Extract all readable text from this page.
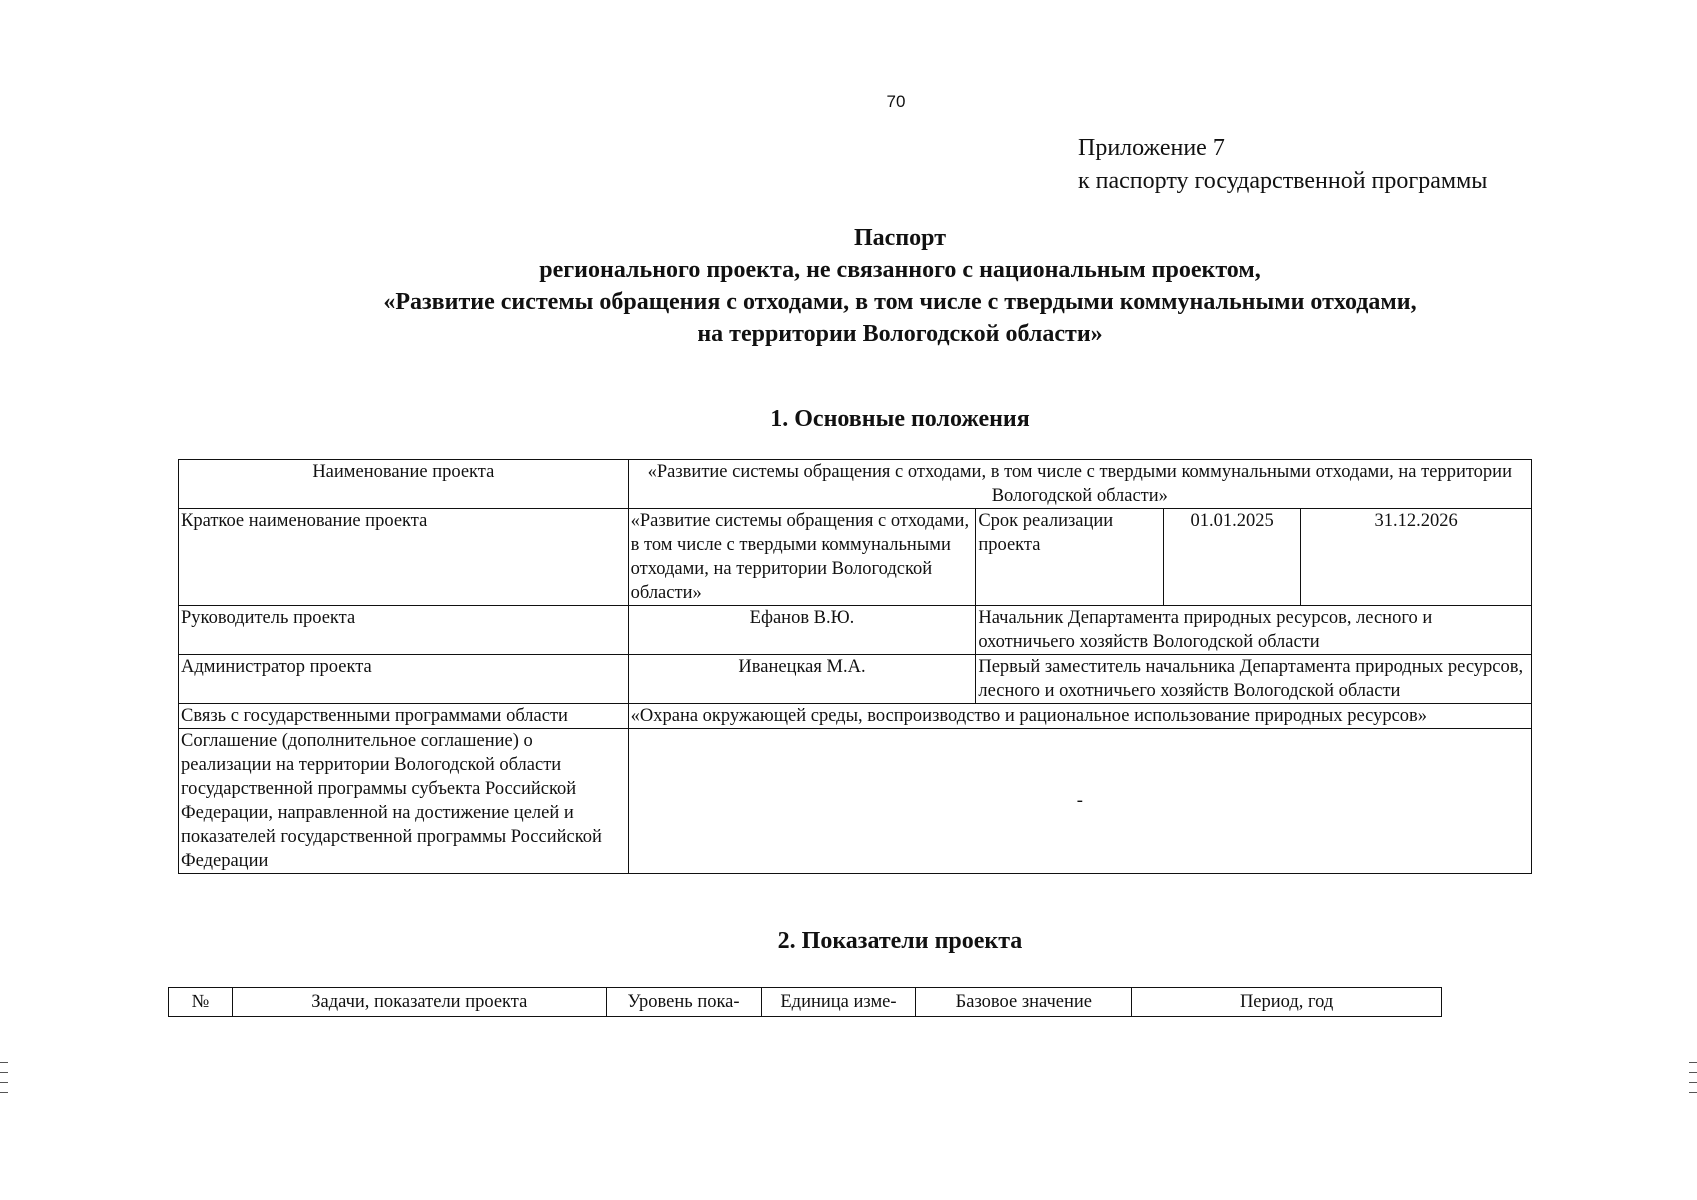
70
Приложение 7
к паспорту государственной программы
Паспорт
регионального проекта, не связанного с национальным проектом,
«Развитие системы обращения с отходами, в том числе с твердыми коммунальными отходами,
на территории Вологодской области»
1. Основные положения
Наименование проекта	«Развитие системы обращения с отходами, в том числе с твердыми коммунальными отходами, на территории Вологодской области»			
Краткое наименование проекта	«Развитие системы обращения с отходами, в том числе с твердыми коммунальными отходами, на территории Вологодской области»	Срок реализации проекта	01.01.2025	31.12.2026
Руководитель проекта	Ефанов В.Ю.	Начальник Департамента природных ресурсов, лесного и охотничьего хозяйств Вологодской области		
Администратор проекта	Иванецкая М.А.	Первый заместитель начальника Департамента природных ресурсов, лесного и охотничьего хозяйств Вологодской области		
Связь с государственными программами области	«Охрана окружающей среды, воспроизводство и рациональное использование природных ресурсов»			
Соглашение (дополнительное соглашение) о реализации на территории Вологодской области государственной программы субъекта Российской Федерации, направленной на достижение целей и показателей государственной программы Российской Федерации	-			
2. Показатели проекта
№	Задачи, показатели проекта	Уровень пока-	Единица изме-	Базовое значение	Период, год
